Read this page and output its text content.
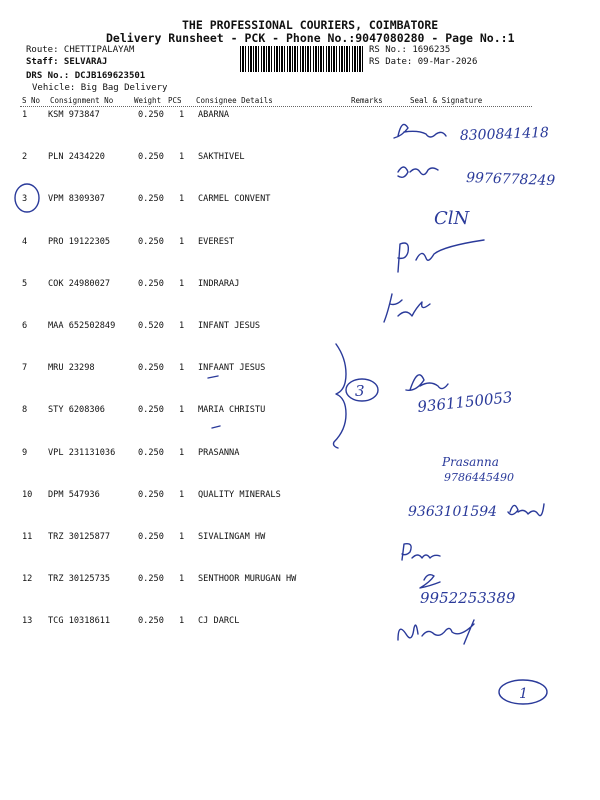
THE PROFESSIONAL COURIERS, COIMBATORE
Delivery Runsheet - PCK - Phone No.:9047080280 - Page No.:1
Route: CHETTIPALAYAM
Staff: SELVARAJ
DRS No.: DCJB169623501
Vehicle: Big Bag Delivery
RS No.: 1696235
RS Date: 09-Mar-2026
S No Consignment No	Weight PCS Consignee Details	Remarks	Seal & Signature
1 KSM 973847	0.250 1 ABARNA
2 PLN 2434220	0.250 1 SAKTHIVEL
3 VPM 8309307	0.250 1 CARMEL CONVENT
4 PRO 19122305	0.250 1 EVEREST
5 COK 24980027	0.250 1 INDRARAJ
6 MAA 652502849	0.520 1 INFANT JESUS
7 MRU 23298	0.250 1 INFAANT JESUS
8 STY 6208306	0.250 1 MARIA CHRISTU
9 VPL 231131036	0.250 1 PRASANNA
10 DPM 547936	0.250 1 QUALITY MINERALS
11 TRZ 30125877	0.250 1 SIVALINGAM HW
12 TRZ 30125735	0.250 1 SENTHOOR MURUGAN HW
13 TCG 10318611	0.250 1 CJ DARCL
8300841418
9976778249
ClN
3	9361150053
Prasanna
9786445490
9363101594
9952253389
1
